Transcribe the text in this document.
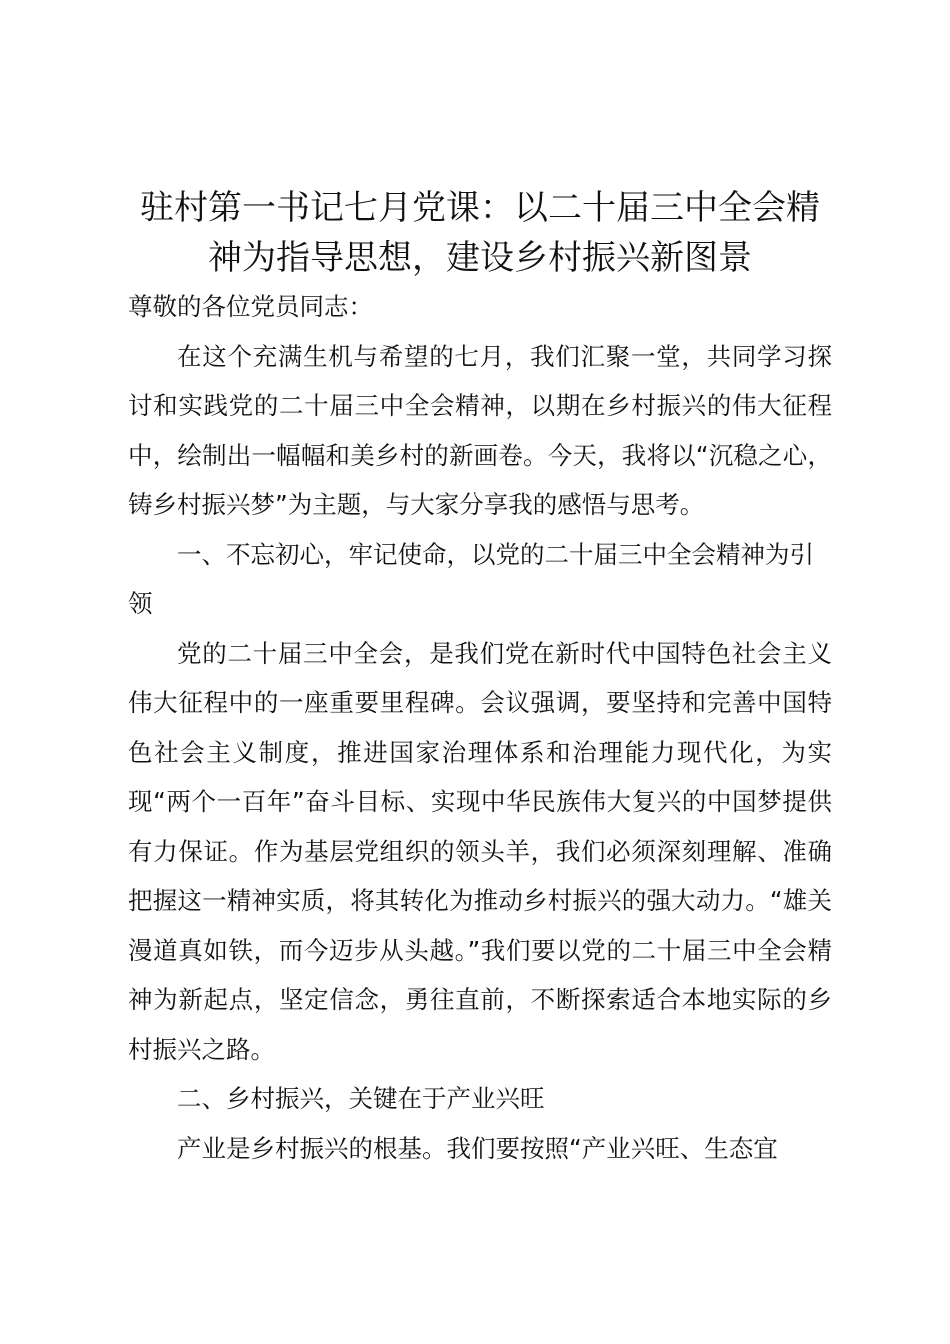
驻村第一书记七月党课：以二十届三中全会精
神为指导思想，建设乡村振兴新图景

尊敬的各位党员同志：

在这个充满生机与希望的七月，我们汇聚一堂，共同学习探讨和实践党的二十届三中全会精神，以期在乡村振兴的伟大征程中，绘制出一幅幅和美乡村的新画卷。今天，我将以“沉稳之心，铸乡村振兴梦”为主题，与大家分享我的感悟与思考。

一、不忘初心，牢记使命，以党的二十届三中全会精神为引领

党的二十届三中全会，是我们党在新时代中国特色社会主义伟大征程中的一座重要里程碑。会议强调，要坚持和完善中国特色社会主义制度，推进国家治理体系和治理能力现代化，为实现“两个一百年”奋斗目标、实现中华民族伟大复兴的中国梦提供有力保证。作为基层党组织的领头羊，我们必须深刻理解、准确把握这一精神实质，将其转化为推动乡村振兴的强大动力。“雄关漫道真如铁，而今迈步从头越。”我们要以党的二十届三中全会精神为新起点，坚定信念，勇往直前，不断探索适合本地实际的乡村振兴之路。

二、乡村振兴，关键在于产业兴旺

产业是乡村振兴的根基。我们要按照“产业兴旺、生态宜
